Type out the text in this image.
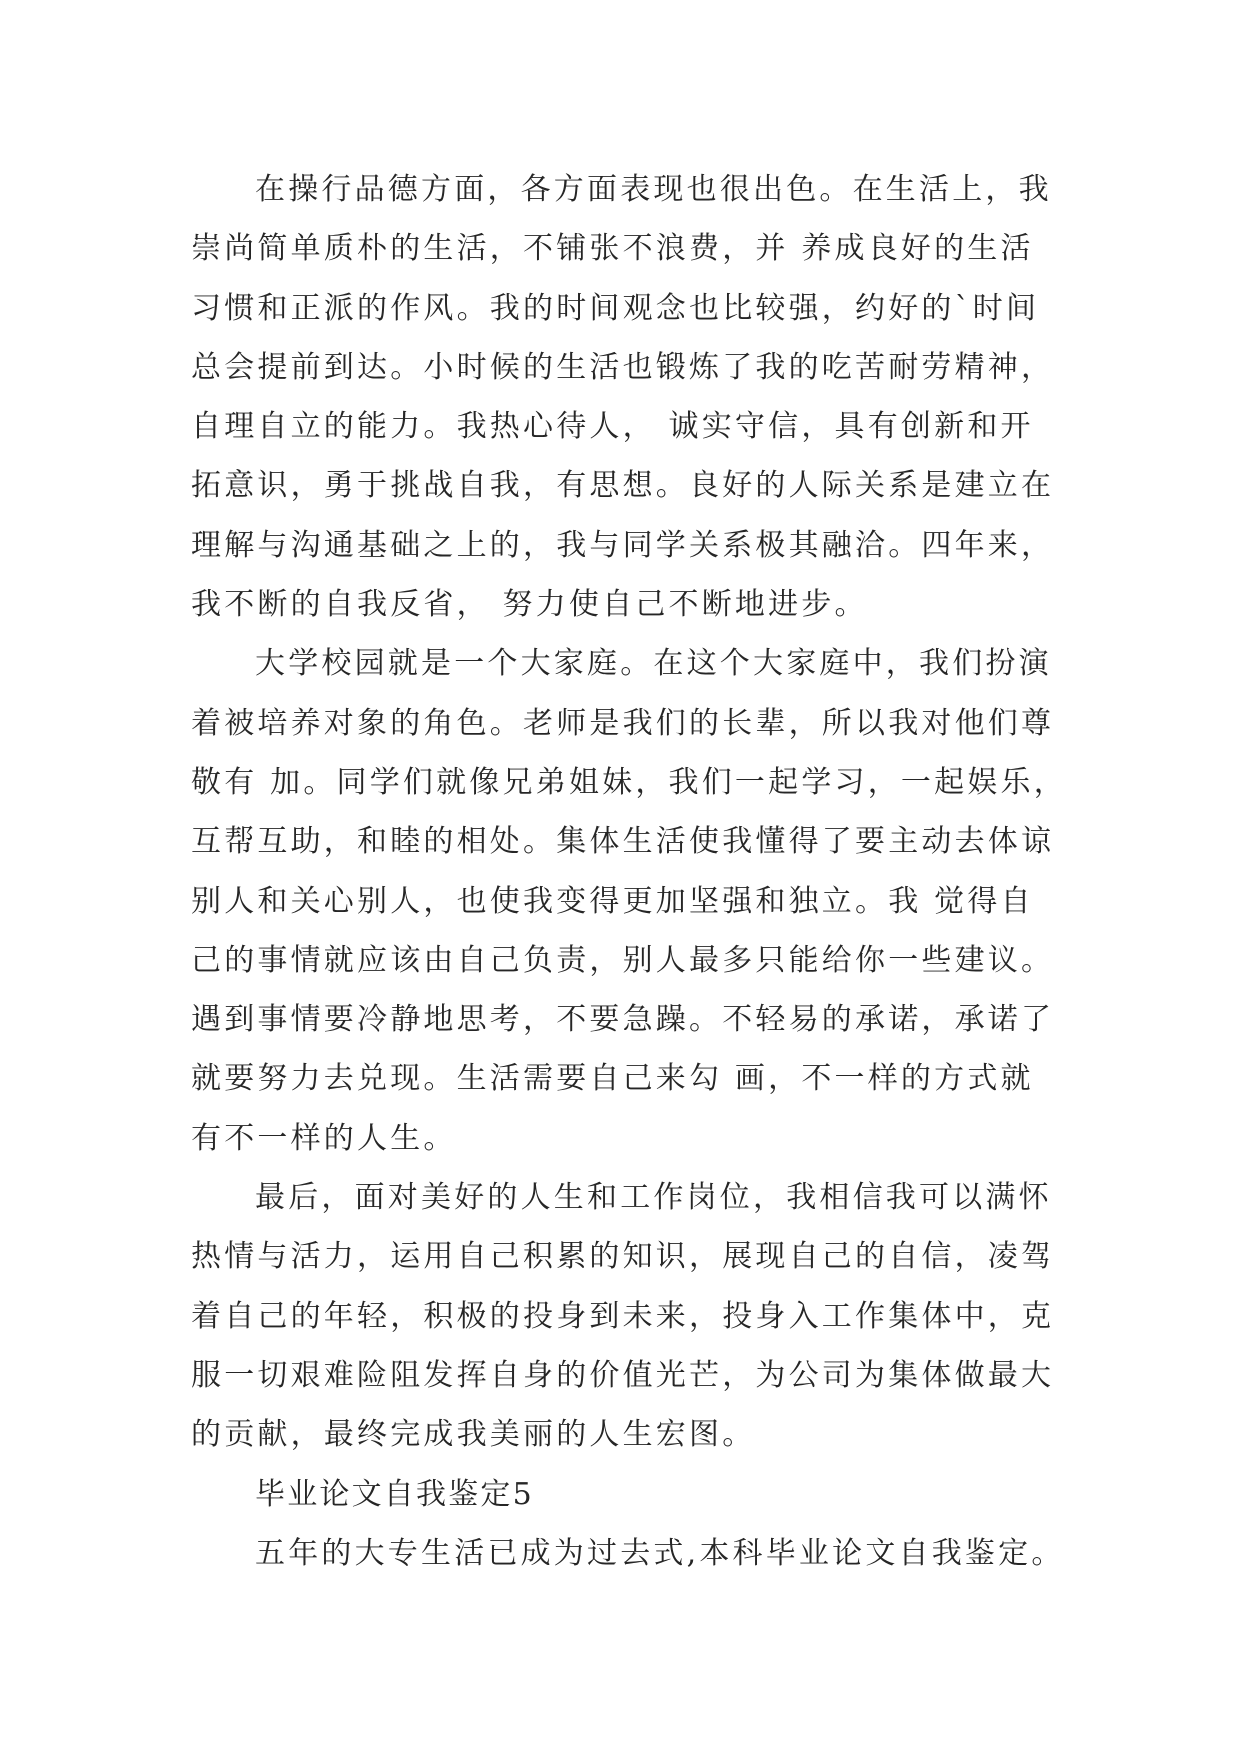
在操行品德方面，各方面表现也很出色。在生活上，我

崇尚简单质朴的生活，不铺张不浪费，并 养成良好的生活

习惯和正派的作风。我的时间观念也比较强，约好的`时间

总会提前到达。小时候的生活也锻炼了我的吃苦耐劳精神，

自理自立的能力。我热心待人， 诚实守信，具有创新和开

拓意识，勇于挑战自我，有思想。良好的人际关系是建立在

理解与沟通基础之上的，我与同学关系极其融洽。四年来，

我不断的自我反省， 努力使自己不断地进步。

大学校园就是一个大家庭。在这个大家庭中，我们扮演

着被培养对象的角色。老师是我们的长辈，所以我对他们尊

敬有 加。同学们就像兄弟姐妹，我们一起学习，一起娱乐，

互帮互助，和睦的相处。集体生活使我懂得了要主动去体谅

别人和关心别人，也使我变得更加坚强和独立。我 觉得自

己的事情就应该由自己负责，别人最多只能给你一些建议。

遇到事情要冷静地思考，不要急躁。不轻易的承诺，承诺了

就要努力去兑现。生活需要自己来勾 画，不一样的方式就

有不一样的人生。

最后，面对美好的人生和工作岗位，我相信我可以满怀

热情与活力，运用自己积累的知识，展现自己的自信，凌驾

着自己的年轻，积极的投身到未来，投身入工作集体中，克

服一切艰难险阻发挥自身的价值光芒，为公司为集体做最大

的贡献，最终完成我美丽的人生宏图。

毕业论文自我鉴定5

五年的大专生活已成为过去式,本科毕业论文自我鉴定。
